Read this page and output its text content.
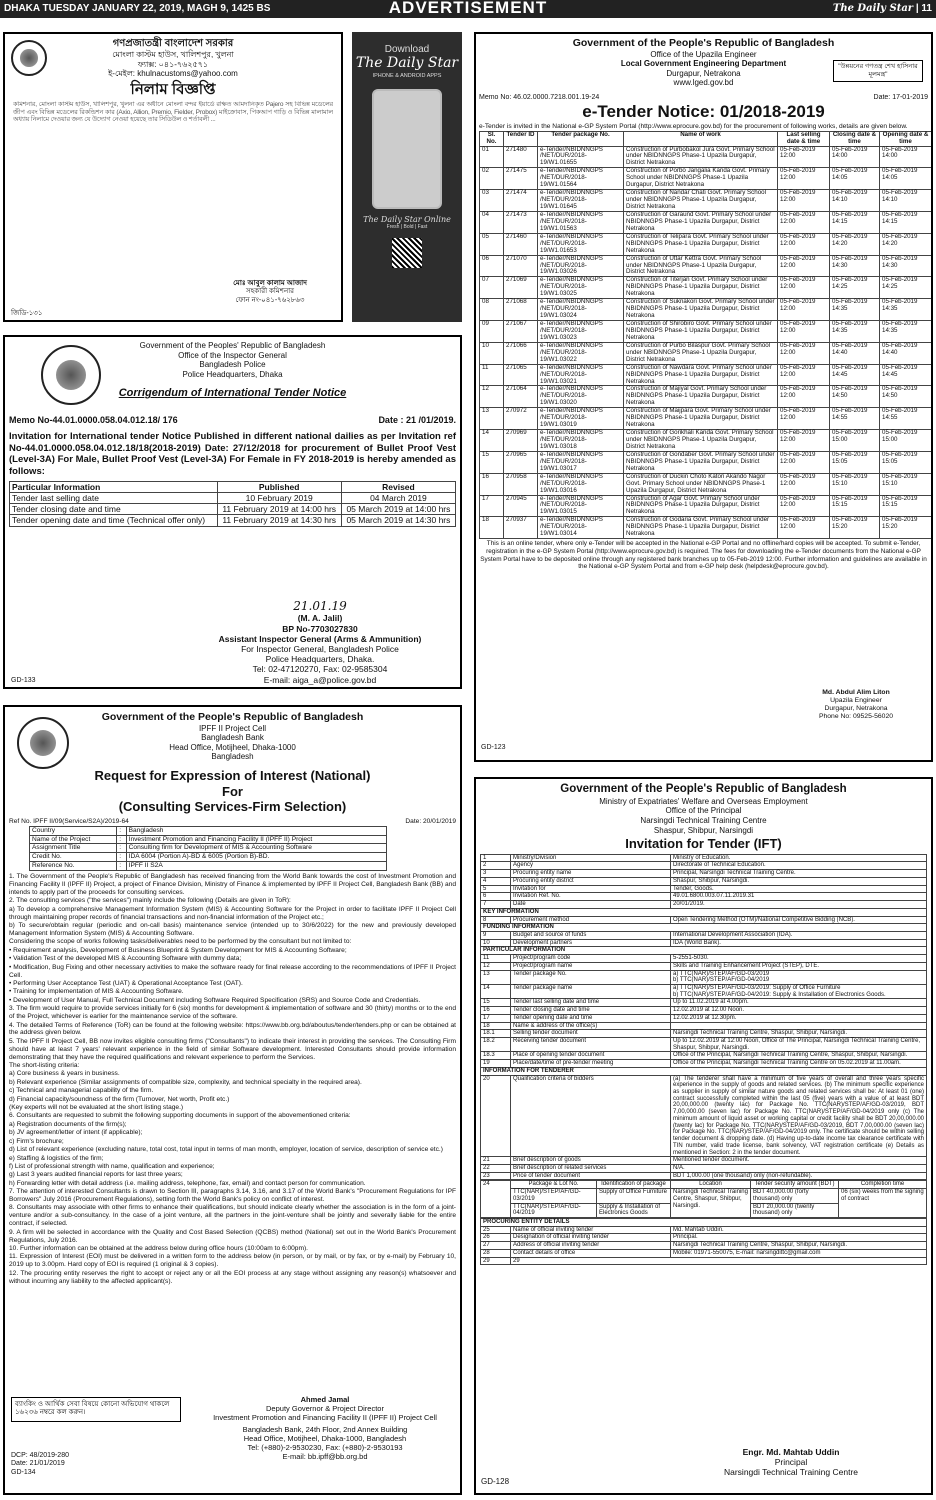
DHAKA TUESDAY JANUARY 22, 2019, MAGH 9, 1425 BS	ADVERTISEMENT	The Daily Star | 11
গণপ্রজাতন্ত্রী বাংলাদেশ সরকার
মোংলা কাস্টম হাউস, খালিশপুর, খুলনা
ফ্যাক্স: ০৪১-৭৬২৫৭১
ই-মেইল: khulnacustoms@yahoo.com
নিলাম বিজ্ঞপ্তি
কমিশনার, মোংলা কাস্টম হাউস, খালিশপুর, খুলনা এর অধীনে মোংলা বন্দর ইয়ার্ডে রক্ষিত আমদানিকৃত Pajero সহ বিভিন্ন মডেলের জীপ এবং বিভিন্ন মডেলের রিকন্ডিশন কার (Axio, Allion, Premio, Fielder, Probox) মাইক্রোবাস, পিকআপ গাড়ি ও বিভিন্ন মালামাল অধ্যায় নিলামে দেওয়ার জন্য যে উদ্যোগ নেওয়া হয়েছে তার সিডিউল ও শর্তাবলী ...
মোঃ আবুল কালাম আজাদ
সহকারী কমিশনার
ফোন নং-০৪১-৭৬২৮৬৩
জিডি-১৩১
Download
The Daily Star
IPHONE & ANDROID APPS
The Daily Star Online
Fresh | Bold | Fast
Government of the Peoples' Republic of Bangladesh
Office of the Inspector General
Bangladesh Police
Police Headquarters, Dhaka
Corrigendum of International Tender Notice
Memo No-44.01.0000.058.04.012.18/ 176	Date : 21 /01/2019.
Invitation for International tender Notice Published in different national dailies as per Invitation ref No-44.01.0000.058.04.012.18/18(2018-2019) Date: 27/12/2018 for procurement of Bullet Proof Vest (Level-3A) For Male, Bullet Proof Vest (Level-3A) For Female in FY 2018-2019 is hereby amended as follows:
Particular Information	Published	Revised
Tender last selling date	10 February 2019	04 March 2019
Tender closing date and time	11 February 2019 at 14:00 hrs	05 March 2019 at 14:00 hrs
Tender opening date and time (Technical offer only)	11 February 2019 at 14:30 hrs	05 March 2019 at 14:30 hrs
21.01.19
(M. A. Jalil)
BP No-7703027830
Assistant Inspector General (Arms & Ammunition)
For Inspector General, Bangladesh Police
Police Headquarters, Dhaka.
Tel: 02-47120270, Fax: 02-9585304
E-mail: aiga_a@police.gov.bd
GD-133
Government of the People's Republic of Bangladesh
IPFF II Project Cell
Bangladesh Bank
Head Office, Motijheel, Dhaka-1000
Bangladesh
Request for Expression of Interest (National)
For
(Consulting Services-Firm Selection)
Ref No. IPFF II/09(Service/S2A)/2019-64	Date: 20/01/2019
Country	:	Bangladesh
Name of the Project	:	Investment Promotion and Financing Facility II (IPFF II) Project
Assignment Title	:	Consulting firm for Development of MIS & Accounting Software
Credit No.	:	IDA 6004 (Portion A)-BD & 6005 (Portion B)-BD.
Reference No.	:	IPFF II S2A
1. The Government of the People's Republic of Bangladesh has received financing from the World Bank towards the cost of Investment Promotion and Financing Facility II (IPFF II) Project, a project of Finance Division, Ministry of Finance & implemented by IPFF II Project Cell, Bangladesh Bank (BB) and intends to apply part of the proceeds for consulting services.
2. The consulting services ("the services") mainly include the following (Details are given in ToR):
a) To develop a comprehensive Management Information System (MIS) & Accounting Software for the Project in order to facilitate IPFF II Project Cell through maintaining proper records of financial transactions and non-financial information of the Project etc.;
b) To secure/obtain regular (periodic and on-call basis) maintenance service (intended up to 30/6/2022) for the new and previously developed Management Information System (MIS) & Accounting Software.
Considering the scope of works following tasks/deliverables need to be performed by the consultant but not limited to:
• Requirement analysis, Development of Business Blueprint & System Development for MIS & Accounting Software;
• Validation Test of the developed MIS & Accounting Software with dummy data;
• Modification, Bug Fixing and other necessary activities to make the software ready for final release according to the recommendations of IPFF II Project Cell.
• Performing User Acceptance Test (UAT) & Operational Acceptance Test (OAT).
• Training for implementation of MIS & Accounting Software.
• Development of User Manual, Full Technical Document including Software Required Specification (SRS) and Source Code and Credentials.
3. The firm would require to provide services initially for 6 (six) months for development & implementation of software and 30 (thirty) months or to the end of the Project, whichever is earlier for the maintenance service of the software.
4. The detailed Terms of Reference (ToR) can be found at the following website: https://www.bb.org.bd/aboutus/tender/tenders.php or can be obtained at the address given below.
5. The IPFF II Project Cell, BB now invites eligible consulting firms ("Consultants") to indicate their interest in providing the services. The Consulting Firm should have at least 7 years' relevant experience in the field of similar Software development. Interested Consultants should provide information demonstrating that they have the required qualifications and relevant experience to perform the Services.
The short-listing criteria:
a) Core business & years in business.
b) Relevant experience (Similar assignments of compatible size, complexity, and technical specialty in the required area).
c) Technical and managerial capability of the firm.
d) Financial capacity/soundness of the firm (Turnover, Net worth, Profit etc.)
(Key experts will not be evaluated at the short listing stage.)
6. Consultants are requested to submit the following supporting documents in support of the abovementioned criteria:
a) Registration documents of the firm(s);
b) JV agreement/letter of intent (if applicable);
c) Firm's brochure;
d) List of relevant experience (excluding nature, total cost, total input in terms of man month, employer, location of service, description of service etc.)
e) Staffing & logistics of the firm;
f) List of professional strength with name, qualification and experience;
g) Last 3 years audited financial reports for last three years;
h) Forwarding letter with detail address (i.e. mailing address, telephone, fax, email) and contact person for communication.
7. The attention of interested Consultants is drawn to Section III, paragraphs 3.14, 3.16, and 3.17 of the World Bank's "Procurement Regulations for IPF Borrowers" July 2016 (Procurement Regulations), setting forth the World Bank's policy on conflict of interest.
8. Consultants may associate with other firms to enhance their qualifications, but should indicate clearly whether the association is in the form of a joint-venture and/or a sub-consultancy. In the case of a joint venture, all the partners in the joint-venture shall be jointly and severally liable for the entire contract, if selected.
9. A firm will be selected in accordance with the Quality and Cost Based Selection (QCBS) method (National) set out in the World Bank's Procurement Regulations, July 2016.
10. Further information can be obtained at the address below during office hours (10:00am to 6:00pm).
11. Expression of Interest (EOI) must be delivered in a written form to the address below (in person, or by mail, or by fax, or by e-mail) by February 10, 2019 up to 3.00pm. Hard copy of EOI is required (1 original & 3 copies).
12. The procuring entity reserves the right to accept or reject any or all the EOI process at any stage without assigning any reason(s) whatsoever and without incurring any liability to the affected applicant(s).
ব্যাংকিং ও আর্থিক সেবা বিষয়ে কোনো অভিযোগ থাকলে ১৬২৩৬ নম্বরে কল করুন।
Ahmed Jamal
Deputy Governor & Project Director
Investment Promotion and Financing Facility II (IPFF II) Project Cell
Bangladesh Bank, 24th Floor, 2nd Annex Building
Head Office, Motijheel, Dhaka-1000, Bangladesh
Tel: (+880)-2-9530230, Fax: (+880)-2-9530193
E-mail: bb.ipff@bb.org.bd
DCP: 48/2019-280
Date: 21/01/2019
GD-134
Government of the People's Republic of Bangladesh
Office of the Upazila Engineer
Local Government Engineering Department
Durgapur, Netrakona
www.lged.gov.bd
"উন্নয়নের গণতন্ত্র শেখ হাসিনার মূলমন্ত্র"
Memo No: 46.02.0000.7218.001.19-24	Date: 17-01-2019
e-Tender Notice: 01/2018-2019
e-Tender is invited in the National e-GP System Portal (http://www.eprocure.gov.bd) for the procurement of following works, details are given below.
Sl. No.	Tender ID	Tender package No.	Name of work	Last selling date & time	Closing date & time	Opening date & time
01	271480	e-Tender/NBIDNNGPS /NET/DUR/2018-19/W1.01655	Construction of Purbobakol Jura Govt. Primary School under NBIDNNGPS Phase-1 Upazila Durgapur, District Netrakona	05-Feb-2019 12:00	05-Feb-2019 14:00	05-Feb-2019 14:00
02	271475	e-Tender/NBIDNNGPS /NET/DUR/2018-19/W1.01564	Construction of Porbo Jangalia Kanda Govt. Primary School under NBIDNNGPS Phase-1 Upazila Durgapur, District Netrakona	05-Feb-2019 12:00	05-Feb-2019 14:05	05-Feb-2019 14:05
03	271474	e-Tender/NBIDNNGPS /NET/DUR/2018-19/W1.01645	Construction of Nandar Chati Govt. Primary School under NBIDNNGPS Phase-1 Upazila Durgapur, District Netrakona	05-Feb-2019 12:00	05-Feb-2019 14:10	05-Feb-2019 14:10
04	271473	e-Tender/NBIDNNGPS /NET/DUR/2018-19/W1.01563	Construction of Garaund Govt. Primary School under NBIDNNGPS Phase-1 Upazila Durgapur, District Netrakona	05-Feb-2019 12:00	05-Feb-2019 14:15	05-Feb-2019 14:15
05	271460	e-Tender/NBIDNNGPS /NET/DUR/2018-19/W1.01653	Construction of Telipara Govt. Primary School under NBIDNNGPS Phase-1 Upazila Durgapur, District Netrakona	05-Feb-2019 12:00	05-Feb-2019 14:20	05-Feb-2019 14:20
06	271070	e-Tender/NBIDNNGPS /NET/DUR/2018-19/W1.03026	Construction of Uttar Kettra Govt. Primary School under NBIDNNGPS Phase-1 Upazila Durgapur, District Netrakona	05-Feb-2019 12:00	05-Feb-2019 14:30	05-Feb-2019 14:30
07	271069	e-Tender/NBIDNNGPS /NET/DUR/2018-19/W1.03025	Construction of Titerjan Govt. Primary School under NBIDNNGPS Phase-1 Upazila Durgapur, District Netrakona	05-Feb-2019 12:00	05-Feb-2019 14:25	05-Feb-2019 14:25
08	271068	e-Tender/NBIDNNGPS /NET/DUR/2018-19/W1.03024	Construction of Suknakori Govt. Primary School under NBIDNNGPS Phase-1 Upazila Durgapur, District Netrakona	05-Feb-2019 12:00	05-Feb-2019 14:35	05-Feb-2019 14:35
09	271067	e-Tender/NBIDNNGPS /NET/DUR/2018-19/W1.03023	Construction of Shirobiro Govt. Primary School under NBIDNNGPS Phase-1 Upazila Durgapur, District Netrakona	05-Feb-2019 12:00	05-Feb-2019 14:35	05-Feb-2019 14:35
10	271066	e-Tender/NBIDNNGPS /NET/DUR/2018-19/W1.03022	Construction of Purbo Bilaspur Govt. Primary School under NBIDNNGPS Phase-1 Upazila Durgapur, District Netrakona	05-Feb-2019 12:00	05-Feb-2019 14:40	05-Feb-2019 14:40
11	271065	e-Tender/NBIDNNGPS /NET/DUR/2018-19/W1.03021	Construction of Nawdara Govt. Primary School under NBIDNNGPS Phase-1 Upazila Durgapur, District Netrakona	05-Feb-2019 12:00	05-Feb-2019 14:45	05-Feb-2019 14:45
12	271064	e-Tender/NBIDNNGPS /NET/DUR/2018-19/W1.03020	Construction of Majiyal Govt. Primary School under NBIDNNGPS Phase-1 Upazila Durgapur, District Netrakona	05-Feb-2019 12:00	05-Feb-2019 14:50	05-Feb-2019 14:50
13	270972	e-Tender/NBIDNNGPS /NET/DUR/2018-19/W1.03019	Construction of Maijpara Govt. Primary School under NBIDNNGPS Phase-1 Upazila Durgapur, District Netrakona	05-Feb-2019 12:00	05-Feb-2019 14:55	05-Feb-2019 14:55
14	270969	e-Tender/NBIDNNGPS /NET/DUR/2018-19/W1.03018	Construction of Gorikhali Kanda Govt. Primary School under NBIDNNGPS Phase-1 Upazila Durgapur, District Netrakona	05-Feb-2019 12:00	05-Feb-2019 15:00	05-Feb-2019 15:00
15	270965	e-Tender/NBIDNNGPS /NET/DUR/2018-19/W1.03017	Construction of Gondaber Govt. Primary School under NBIDNNGPS Phase-1 Upazila Durgapur, District Netrakona	05-Feb-2019 12:00	05-Feb-2019 15:05	05-Feb-2019 15:05
16	270958	e-Tender/NBIDNNGPS /NET/DUR/2018-19/W1.03016	Construction of Duckin Choto Katori Akando Nagor Govt. Primary School under NBIDNNGPS Phase-1 Upazila Durgapur, District Netrakona	05-Feb-2019 12:00	05-Feb-2019 15:10	05-Feb-2019 15:10
17	270945	e-Tender/NBIDNNGPS /NET/DUR/2018-19/W1.03015	Construction of Agar Govt. Primary School under NBIDNNGPS Phase-1 Upazila Durgapur, District Netrakona	05-Feb-2019 12:00	05-Feb-2019 15:15	05-Feb-2019 15:15
18	270937	e-Tender/NBIDNNGPS /NET/DUR/2018-19/W1.03014	Construction of Godaria Govt. Primary School under NBIDNNGPS Phase-1 Upazila Durgapur, District Netrakona	05-Feb-2019 12:00	05-Feb-2019 15:20	05-Feb-2019 15:20
This is an online tender, where only e-Tender will be accepted in the National e-GP Portal and no offline/hard copies will be accepted. To submit e-Tender, registration in the e-GP System Portal (http://www.eprocure.gov.bd) is required. The fees for downloading the e-Tender documents from the National e-GP System Portal have to be deposited online through any registered bank branches up to 05-Feb-2019 12:00. Further information and guidelines are available in the National e-GP System Portal and from e-GP help desk (helpdesk@eprocure.gov.bd).
Md. Abdul Alim Liton
Upazila Engineer
Durgapur, Netrakona
Phone No: 09525-56020
GD-123
Government of the People's Republic of Bangladesh
Ministry of Expatriates' Welfare and Overseas Employment
Office of the Principal
Narsingdi Technical Training Centre
Shaspur, Shibpur, Narsingdi
Invitation for Tender (IFT)
1	Ministry/Division	Ministry of Education.
2	Agency	Directorate of Technical Education.
3	Procuring entity name	Principal, Narsingdi Technical Training Centre.
4	Procuring entity district	Shaspur, Shibpur, Narsingdi.
5	Invitation for	Tender, Goods.
6	Invitation Ref. No.	49.01.6800.003.07.11.2019.31
7	Date	20/01/2019.
KEY INFORMATION		
8	Procurement method	Open Tendering Method (OTM)/National Competitive Bidding (NCB).
FUNDING INFORMATION		
9	Budget and source of funds	International Development Association (IDA).
10	Development partners	IDA (World Bank).
PARTICULAR INFORMATION		
11	Project/program code	5-2551-5030.
12	Project/program name	Skills and Training Enhancement Project (STEP), DTE.
13	Tender package No.	a) TTC(NAR)/STEP/AF/GD-03/2019
b) TTC(NAR)/STEP/AF/GD-04/2019
14	Tender package name	a) TTC(NAR)/STEP/AF/GD-03/2019: Supply of Office Furniture
b) TTC(NAR)/STEP/AF/GD-04/2019: Supply & Installation of Electronics Goods.
15	Tender last selling date and time	Up to 11.02.2019 at 4.00pm.
16	Tender closing date and time	12.02.2019 at 12.00 Noon.
17	Tender opening date and time	12.02.2019 at 12.30pm.
18	Name & address of the office(s)	
18.1	Selling tender document	Narsingdi Technical Training Centre, Shaspur, Shibpur, Narsingdi.
18.2	Receiving tender document	Up to 12.02.2019 at 12:00 Noon, Office of The Principal, Narsingdi Technical Training Centre, Shaspur, Shibpur, Narsingdi.
18.3	Place of opening tender document	Office of the Principal, Narsingdi Technical Training Centre, Shaspur, Shibpur, Narsingdi.
19	Place/date/time of pre-tender meeting	Office of the Principal, Narsingdi Technical Training Centre on 05.02.2019 at 11.00am.
INFORMATION FOR TENDERER		
20	Qualification criteria of bidders	(a) The tenderer shall have a minimum of five years of overall and three years specific experience in the supply of goods and related services. (b) The minimum specific experience as supplier in supply of similar nature goods and related services shall be: At least 01 (one) contract successfully completed within the last 05 (five) years with a value of at least BDT 20,00,000.00 (twenty lac) for Package No. TTC(NAR)/STEP/AF/GD-03/2019, BDT 7,00,000.00 (seven lac) for Package No. TTC(NAR)/STEP/AF/GD-04/2019 only (c) The minimum amount of liquid asset or working capital or credit facility shall be BDT 20,00,000.00 (twenty lac) for Package No. TTC(NAR)/STEP/AF/GD-03/2019, BDT 7,00,000.00 (seven lac) for Package No. TTC(NAR)/STEP/AF/GD-04/2019 only. The certificate should be within selling tender document & dropping date. (d) Having up-to-date income tax clearance certificate with TIN number, valid trade license, bank solvency, VAT registration certificate (e) Details as mentioned in Section: 2 in the tender document.
21	Brief description of goods	Mentioned tender document.
22	Brief description of related services	N/A.
23	Price of tender document	BDT 1,000.00 (one thousand) only (non-refundable).
24	Package & Lot No.	Identification of package	Location	Tender security amount (BDT)	Completion time
	TTC(NAR)/STEP/AF/GD-03/2019	Supply of Office Furniture	Narsingdi Technical Training Centre, Shaspur, Shibpur, Narsingdi.	BDT 40,000.00 (forty thousand) only	06 (six) weeks from the signing of contract
	TTC(NAR)/STEP/AF/GD-04/2019	Supply & Installation of Electronics Goods		BDT 20,000.00 (twenty thousand) only	
PROCURING ENTITY DETAILS		
25	Name of official inviting tender	Md. Mahtab Uddin.
26	Designation of official inviting tender	Principal.
27	Address of official inviting tender	Narsingdi Technical Training Centre, Shaspur, Shibpur, Narsingdi.
28	Contact details of office	Mobile: 01971-550075, E-mail: narsingdittc@gmail.com
29	29	
Engr. Md. Mahtab Uddin
Principal
Narsingdi Technical Training Centre
GD-128
